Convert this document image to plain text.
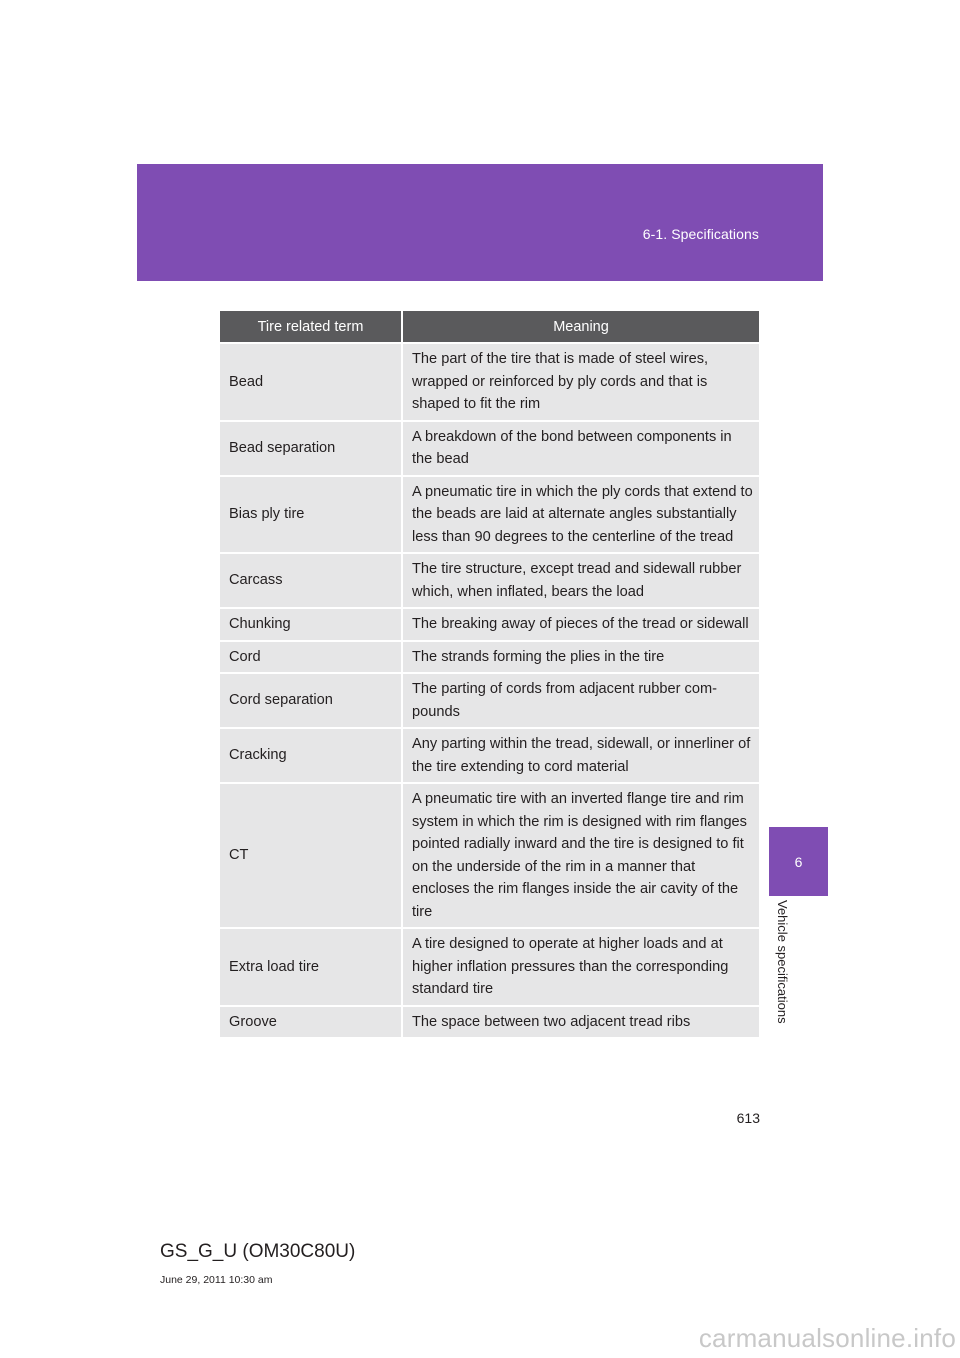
6-1. Specifications
6
Vehicle specifications
Tire related term	Meaning
Bead	The part of the tire that is made of steel wires, wrapped or reinforced by ply cords and that is shaped to fit the rim
Bead separation	A breakdown of the bond between components in the bead
Bias ply tire	A pneumatic tire in which the ply cords that extend to the beads are laid at alternate angles substantially less than 90 degrees to the centerline of the tread
Carcass	The tire structure, except tread and sidewall rubber which, when inflated, bears the load
Chunking	The breaking away of pieces of the tread or sidewall
Cord	The strands forming the plies in the tire
Cord separation	The parting of cords from adjacent rubber com-pounds
Cracking	Any parting within the tread, sidewall, or innerliner of the tire extending to cord material
CT	A pneumatic tire with an inverted flange tire and rim system in which the rim is designed with rim flanges pointed radially inward and the tire is designed to fit on the underside of the rim in a manner that encloses the rim flanges inside the air cavity of the tire
Extra load tire	A tire designed to operate at higher loads and at higher inflation pressures than the corresponding standard tire
Groove	The space between two adjacent tread ribs
613
GS_G_U (OM30C80U)
June 29, 2011 10:30 am
carmanualsonline.info
